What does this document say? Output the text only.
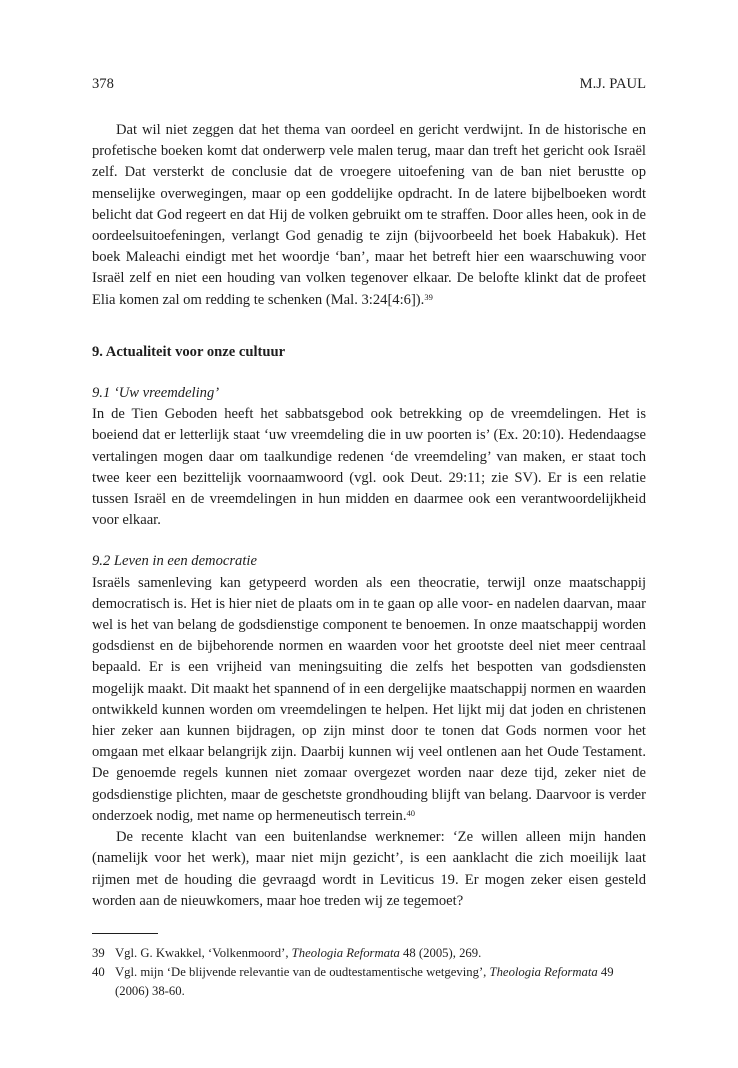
378	M.J. PAUL

Dat wil niet zeggen dat het thema van oordeel en gericht verdwijnt. In de historische en profetische boeken komt dat onderwerp vele malen terug, maar dan treft het gericht ook Israël zelf. Dat versterkt de conclusie dat de vroegere uitoefening van de ban niet berustte op menselijke overwegingen, maar op een goddelijke opdracht. In de latere bijbelboeken wordt belicht dat God regeert en dat Hij de volken gebruikt om te straffen. Door alles heen, ook in de oordeelsuitoefeningen, verlangt God genadig te zijn (bijvoorbeeld het boek Habakuk). Het boek Maleachi eindigt met het woordje ‘ban’, maar het betreft hier een waarschuwing voor Israël zelf en niet een houding van volken tegenover elkaar. De belofte klinkt dat de profeet Elia komen zal om redding te schenken (Mal. 3:24[4:6]).$^{39}$

9. Actualiteit voor onze cultuur

9.1 ‘Uw vreemdeling’

In de Tien Geboden heeft het sabbatsgebod ook betrekking op de vreemdelingen. Het is boeiend dat er letterlijk staat ‘uw vreemdeling die in uw poorten is’ (Ex. 20:10). Hedendaagse vertalingen mogen daar om taalkundige redenen ‘de vreemdeling’ van maken, er staat toch twee keer een bezittelijk voornaamwoord (vgl. ook Deut. 29:11; zie SV). Er is een relatie tussen Israël en de vreemdelingen in hun midden en daarmee ook een verantwoordelijkheid voor elkaar.

9.2 Leven in een democratie

Israëls samenleving kan getypeerd worden als een theocratie, terwijl onze maatschappij democratisch is. Het is hier niet de plaats om in te gaan op alle voor- en nadelen daarvan, maar wel is het van belang de godsdienstige component te benoemen. In onze maatschappij worden godsdienst en de bijbehorende normen en waarden voor het grootste deel niet meer centraal bepaald. Er is een vrijheid van meningsuiting die zelfs het bespotten van godsdiensten mogelijk maakt. Dit maakt het spannend of in een dergelijke maatschappij normen en waarden ontwikkeld kunnen worden om vreemdelingen te helpen. Het lijkt mij dat joden en christenen hier zeker aan kunnen bijdragen, op zijn minst door te tonen dat Gods normen voor het omgaan met elkaar belangrijk zijn. Daarbij kunnen wij veel ontlenen aan het Oude Testament. De genoemde regels kunnen niet zomaar overgezet worden naar deze tijd, zeker niet de godsdienstige plichten, maar de geschetste grondhouding blijft van belang. Daarvoor is verder onderzoek nodig, met name op hermeneutisch terrein.$^{40}$

De recente klacht van een buitenlandse werknemer: ‘Ze willen alleen mijn handen (namelijk voor het werk), maar niet mijn gezicht’, is een aanklacht die zich moeilijk laat rijmen met de houding die gevraagd wordt in Leviticus 19. Er mogen zeker eisen gesteld worden aan de nieuwkomers, maar hoe treden wij ze tegemoet?

39 Vgl. G. Kwakkel, ‘Volkenmoord’, Theologia Reformata 48 (2005), 269.
40 Vgl. mijn ‘De blijvende relevantie van de oudtestamentische wetgeving’, Theologia Reformata 49 (2006) 38-60.
